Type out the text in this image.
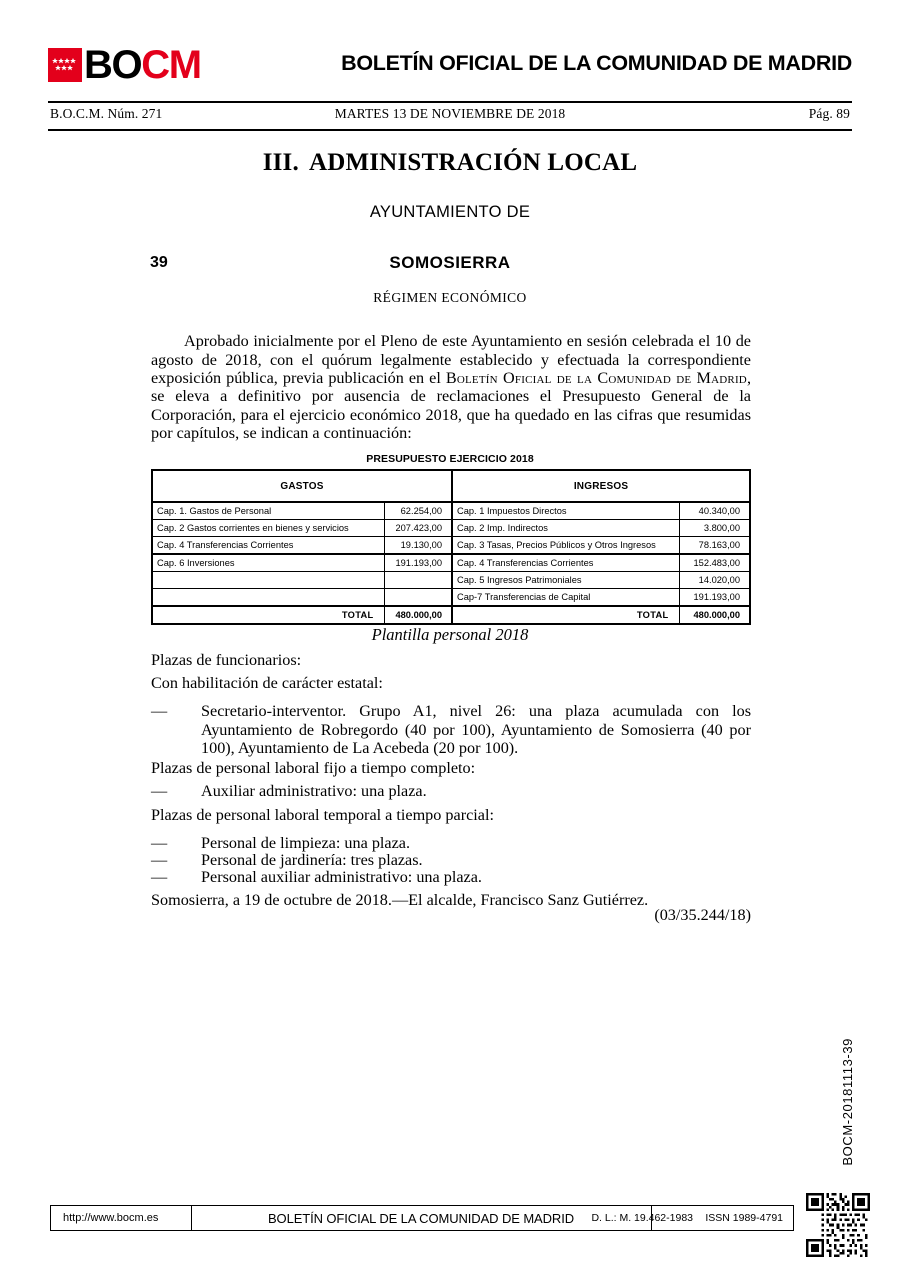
BOCM	BOLETÍN OFICIAL DE LA COMUNIDAD DE MADRID
B.O.C.M. Núm. 271	MARTES 13 DE NOVIEMBRE DE 2018	Pág. 89
III. ADMINISTRACIÓN LOCAL
AYUNTAMIENTO DE
39	SOMOSIERRA
RÉGIMEN ECONÓMICO

Aprobado inicialmente por el Pleno de este Ayuntamiento en sesión celebrada el 10 de agosto de 2018, con el quórum legalmente establecido y efectuada la correspondiente exposición pública, previa publicación en el Boletín Oficial de la Comunidad de Madrid, se eleva a definitivo por ausencia de reclamaciones el Presupuesto General de la Corporación, para el ejercicio económico 2018, que ha quedado en las cifras que resumidas por capítulos, se indican a continuación:

PRESUPUESTO EJERCICIO 2018
GASTOS		INGRESOS	
Cap. 1. Gastos de Personal	62.254,00	Cap. 1 Impuestos Directos	40.340,00
Cap. 2 Gastos corrientes en bienes y servicios	207.423,00	Cap. 2 Imp. Indirectos	3.800,00
Cap. 4 Transferencias Corrientes	19.130,00	Cap. 3 Tasas, Precios Públicos y Otros Ingresos	78.163,00
Cap. 6 Inversiones	191.193,00	Cap. 4 Transferencias Corrientes	152.483,00
		Cap. 5 Ingresos Patrimoniales	14.020,00
		Cap-7 Transferencias de Capital	191.193,00
TOTAL	480.000,00	TOTAL	480.000,00
Plantilla personal 2018
Plazas de funcionarios:
Con habilitación de carácter estatal:
— Secretario-interventor. Grupo A1, nivel 26: una plaza acumulada con los Ayuntamiento de Robregordo (40 por 100), Ayuntamiento de Somosierra (40 por 100), Ayuntamiento de La Acebeda (20 por 100).
Plazas de personal laboral fijo a tiempo completo:
— Auxiliar administrativo: una plaza.
Plazas de personal laboral temporal a tiempo parcial:
— Personal de limpieza: una plaza.
— Personal de jardinería: tres plazas.
— Personal auxiliar administrativo: una plaza.
Somosierra, a 19 de octubre de 2018.—El alcalde, Francisco Sanz Gutiérrez.
(03/35.244/18)
BOCM-20181113-39
http://www.bocm.es	BOLETÍN OFICIAL DE LA COMUNIDAD DE MADRID	D. L.: M. 19.462-1983 ISSN 1989-4791
